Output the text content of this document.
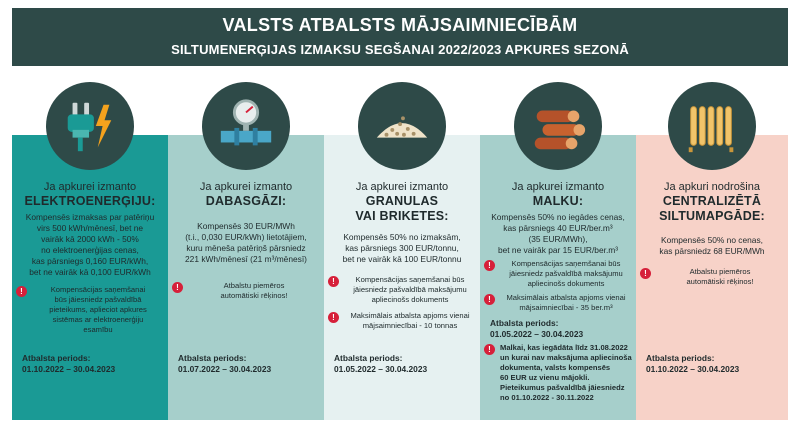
VALSTS ATBALSTS MĀJSAIMNIECĪBĀM
SILTUMENERĢIJAS IZMAKSU SEGŠANAI 2022/2023 APKURES SEZONĀ
Ja apkurei izmanto
ELEKTROENERĢIJU:
Kompensēs izmaksas par patēriņu
virs 500 kWh/mēnesī, bet ne
vairāk kā 2000 kWh - 50%
no elektroenerģijas cenas,
kas pārsniegs 0,160 EUR/kWh,
bet ne vairāk kā 0,100 EUR/kWh
!	Kompensācijas saņemšanai
būs jāiesniedz pašvaldībā
pieteikums, aplieciot apkures
sistēmas ar elektroenerģiju
esamību
Atbalsta periods:
01.10.2022 – 30.04.2023
Ja apkurei izmanto
DABASGĀZI:
Kompensēs 30 EUR/MWh
(t.i., 0,030 EUR/kWh) lietotājiem,
kuru mēneša patēriņš pārsniedz
221 kWh/mēnesī (21 m³/mēnesī)
!	Atbalstu piemēros
automātiski rēķinos!
Atbalsta periods:
01.07.2022 – 30.04.2023
Ja apkurei izmanto
GRANULAS
VAI BRIKETES:
Kompensēs 50% no izmaksām,
kas pārsniegs 300 EUR/tonnu,
bet ne vairāk kā 100 EUR/tonnu
!	Kompensācijas saņemšanai būs
jāiesniedz pašvaldībā maksājumu
apliecinošs dokuments
!	Maksimālais atbalsta apjoms vienai
mājsaimniecībai - 10 tonnas
Atbalsta periods:
01.05.2022 – 30.04.2023
Ja apkurei izmanto
MALKU:
Kompensēs 50% no iegādes cenas,
kas pārsniegs 40 EUR/ber.m³
(35 EUR/MWh),
bet ne vairāk par 15 EUR/ber.m³
!	Kompensācijas saņemšanai būs
jāiesniedz pašvaldībā maksājumu
apliecinošs dokuments
!	Maksimālais atbalsta apjoms vienai
mājsaimniecībai - 35 ber.m³
Atbalsta periods:
01.05.2022 – 30.04.2023
!	Malkai, kas iegādāta līdz 31.08.2022
un kurai nav maksājuma apliecinoša
dokumenta, valsts kompensēs
60 EUR uz vienu mājokli.
Pieteikumus pašvaldībā jāiesniedz
no 01.10.2022 - 30.11.2022
Ja apkuri nodrošina
CENTRALIZĒTĀ
SILTUMAPGĀDE:
Kompensēs 50% no cenas,
kas pārsniedz 68 EUR/MWh
!	Atbalstu piemēros
automātiski rēķinos!
Atbalsta periods:
01.10.2022 – 30.04.2023
